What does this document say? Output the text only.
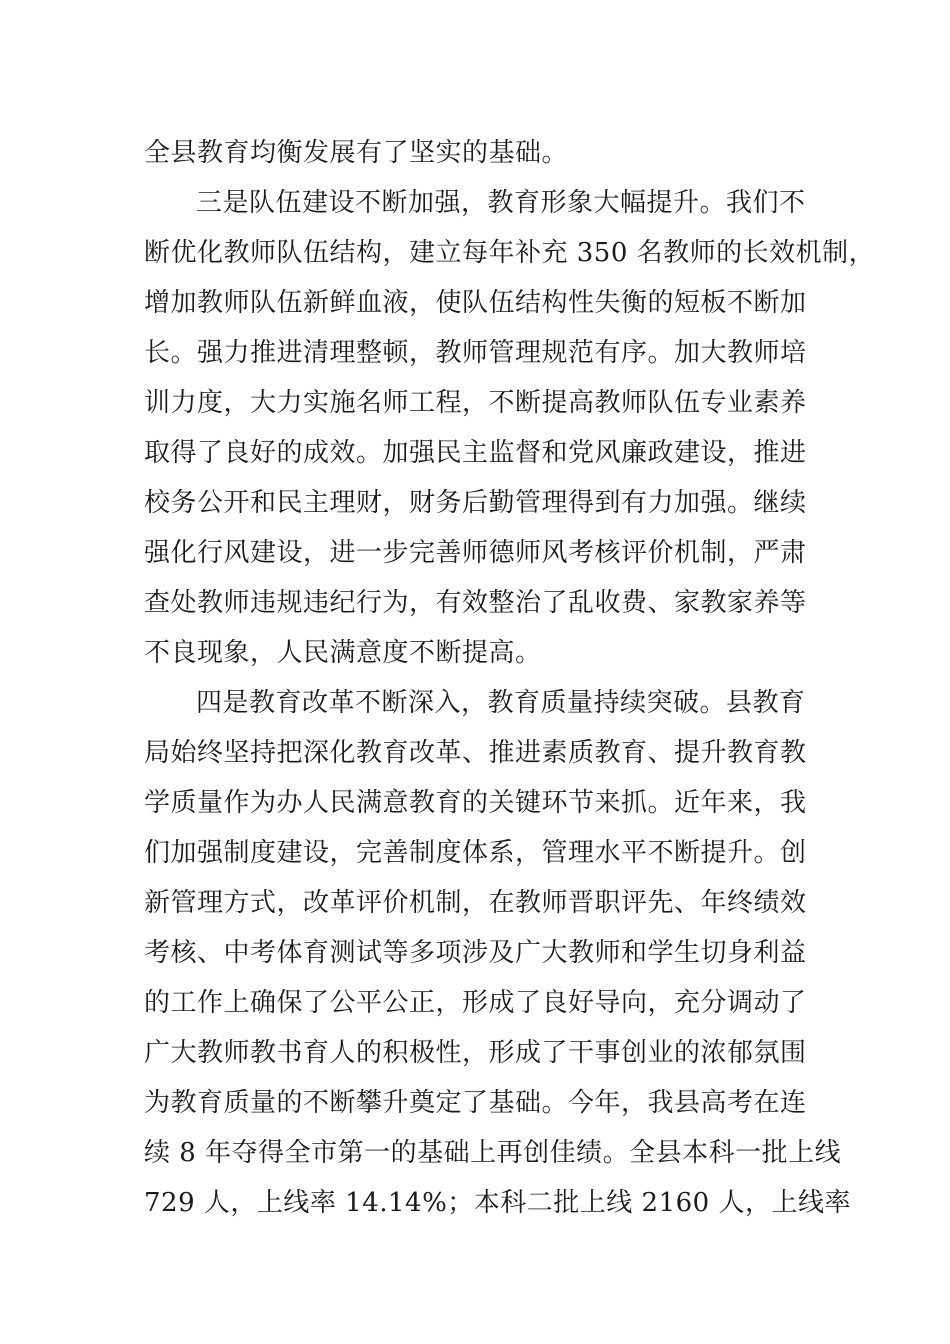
全县教育均衡发展有了坚实的基础。
三是队伍建设不断加强，教育形象大幅提升。我们不
断优化教师队伍结构，建立每年补充 350 名教师的长效机制，
增加教师队伍新鲜血液，使队伍结构性失衡的短板不断加
长。强力推进清理整顿，教师管理规范有序。加大教师培
训力度，大力实施名师工程，不断提高教师队伍专业素养
取得了良好的成效。加强民主监督和党风廉政建设，推进
校务公开和民主理财，财务后勤管理得到有力加强。继续
强化行风建设，进一步完善师德师风考核评价机制，严肃
查处教师违规违纪行为，有效整治了乱收费、家教家养等
不良现象，人民满意度不断提高。
四是教育改革不断深入，教育质量持续突破。县教育
局始终坚持把深化教育改革、推进素质教育、提升教育教
学质量作为办人民满意教育的关键环节来抓。近年来，我
们加强制度建设，完善制度体系，管理水平不断提升。创
新管理方式，改革评价机制，在教师晋职评先、年终绩效
考核、中考体育测试等多项涉及广大教师和学生切身利益
的工作上确保了公平公正，形成了良好导向，充分调动了
广大教师教书育人的积极性，形成了干事创业的浓郁氛围
为教育质量的不断攀升奠定了基础。今年，我县高考在连
续 8 年夺得全市第一的基础上再创佳绩。全县本科一批上线
729 人，上线率 14.14%；本科二批上线 2160 人，上线率
